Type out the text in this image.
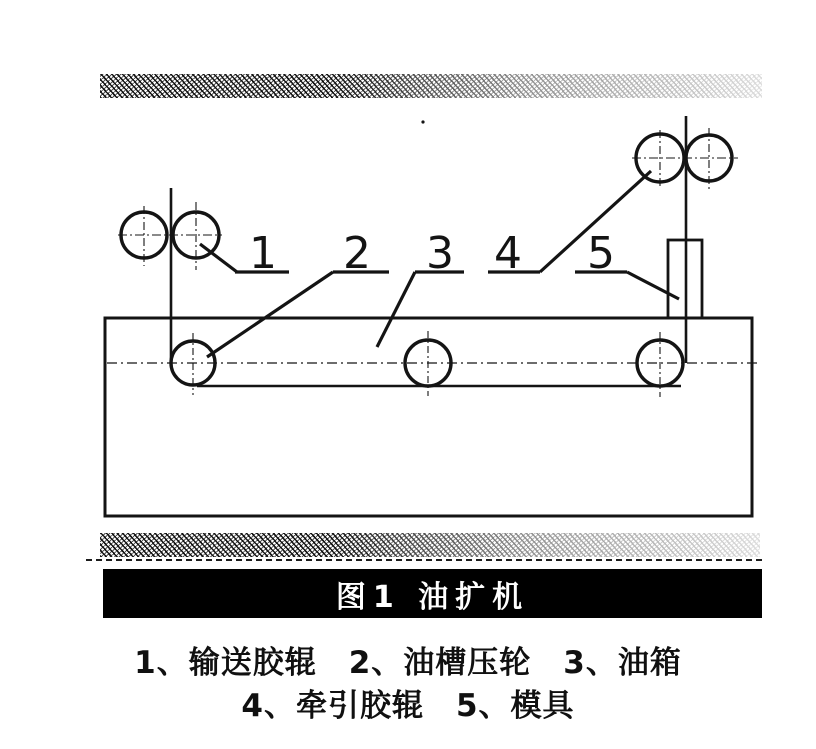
1 2 3 4 5
图1 油扩机
1、输送胶辊　2、油槽压轮　3、油箱
4、牵引胶辊　5、模具
